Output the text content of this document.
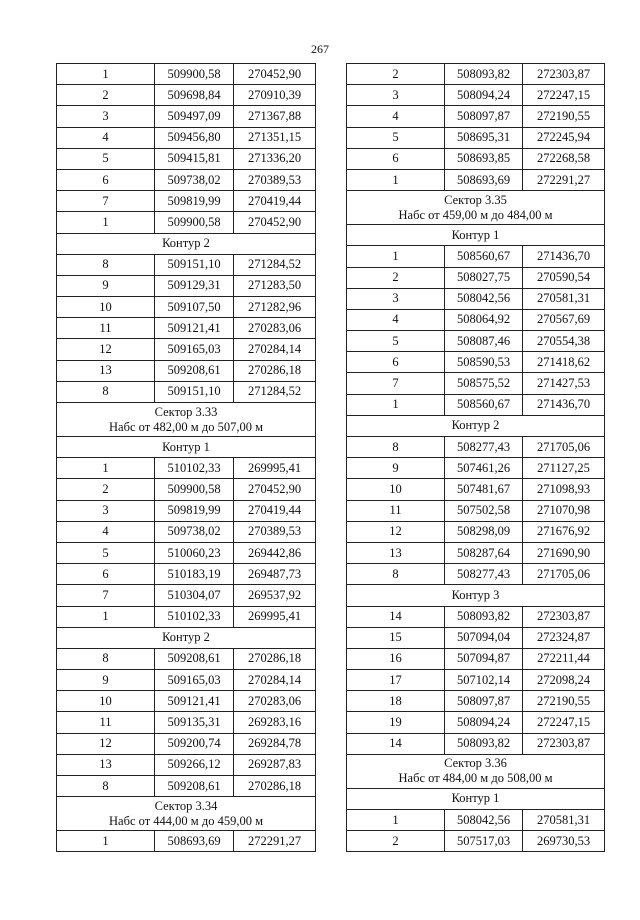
267
1	509900,58	270452,90
2	509698,84	270910,39
3	509497,09	271367,88
4	509456,80	271351,15
5	509415,81	271336,20
6	509738,02	270389,53
7	509819,99	270419,44
1	509900,58	270452,90
Контур 2		
8	509151,10	271284,52
9	509129,31	271283,50
10	509107,50	271282,96
11	509121,41	270283,06
12	509165,03	270284,14
13	509208,61	270286,18
8	509151,10	271284,52

Сектор 3.33
Набс от 482,00 м до 507,00 м		

Контур 1		
1	510102,33	269995,41
2	509900,58	270452,90
3	509819,99	270419,44
4	509738,02	270389,53
5	510060,23	269442,86
6	510183,19	269487,73
7	510304,07	269537,92
1	510102,33	269995,41
Контур 2		
8	509208,61	270286,18
9	509165,03	270284,14
10	509121,41	270283,06
11	509135,31	269283,16
12	509200,74	269284,78
13	509266,12	269287,83
8	509208,61	270286,18

Сектор 3.34
Набс от 444,00 м до 459,00 м		

1	508693,69	272291,27
2	508093,82	272303,87
3	508094,24	272247,15
4	508097,87	272190,55
5	508695,31	272245,94
6	508693,85	272268,58
1	508693,69	272291,27

Сектор 3.35
Набс от 459,00 м до 484,00 м		

Контур 1		
1	508560,67	271436,70
2	508027,75	270590,54
3	508042,56	270581,31
4	508064,92	270567,69
5	508087,46	270554,38
6	508590,53	271418,62
7	508575,52	271427,53
1	508560,67	271436,70
Контур 2		
8	508277,43	271705,06
9	507461,26	271127,25
10	507481,67	271098,93
11	507502,58	271070,98
12	508298,09	271676,92
13	508287,64	271690,90
8	508277,43	271705,06
Контур 3		
14	508093,82	272303,87
15	507094,04	272324,87
16	507094,87	272211,44
17	507102,14	272098,24
18	508097,87	272190,55
19	508094,24	272247,15
14	508093,82	272303,87

Сектор 3.36
Набс от 484,00 м до 508,00 м		

Контур 1		
1	508042,56	270581,31
2	507517,03	269730,53
